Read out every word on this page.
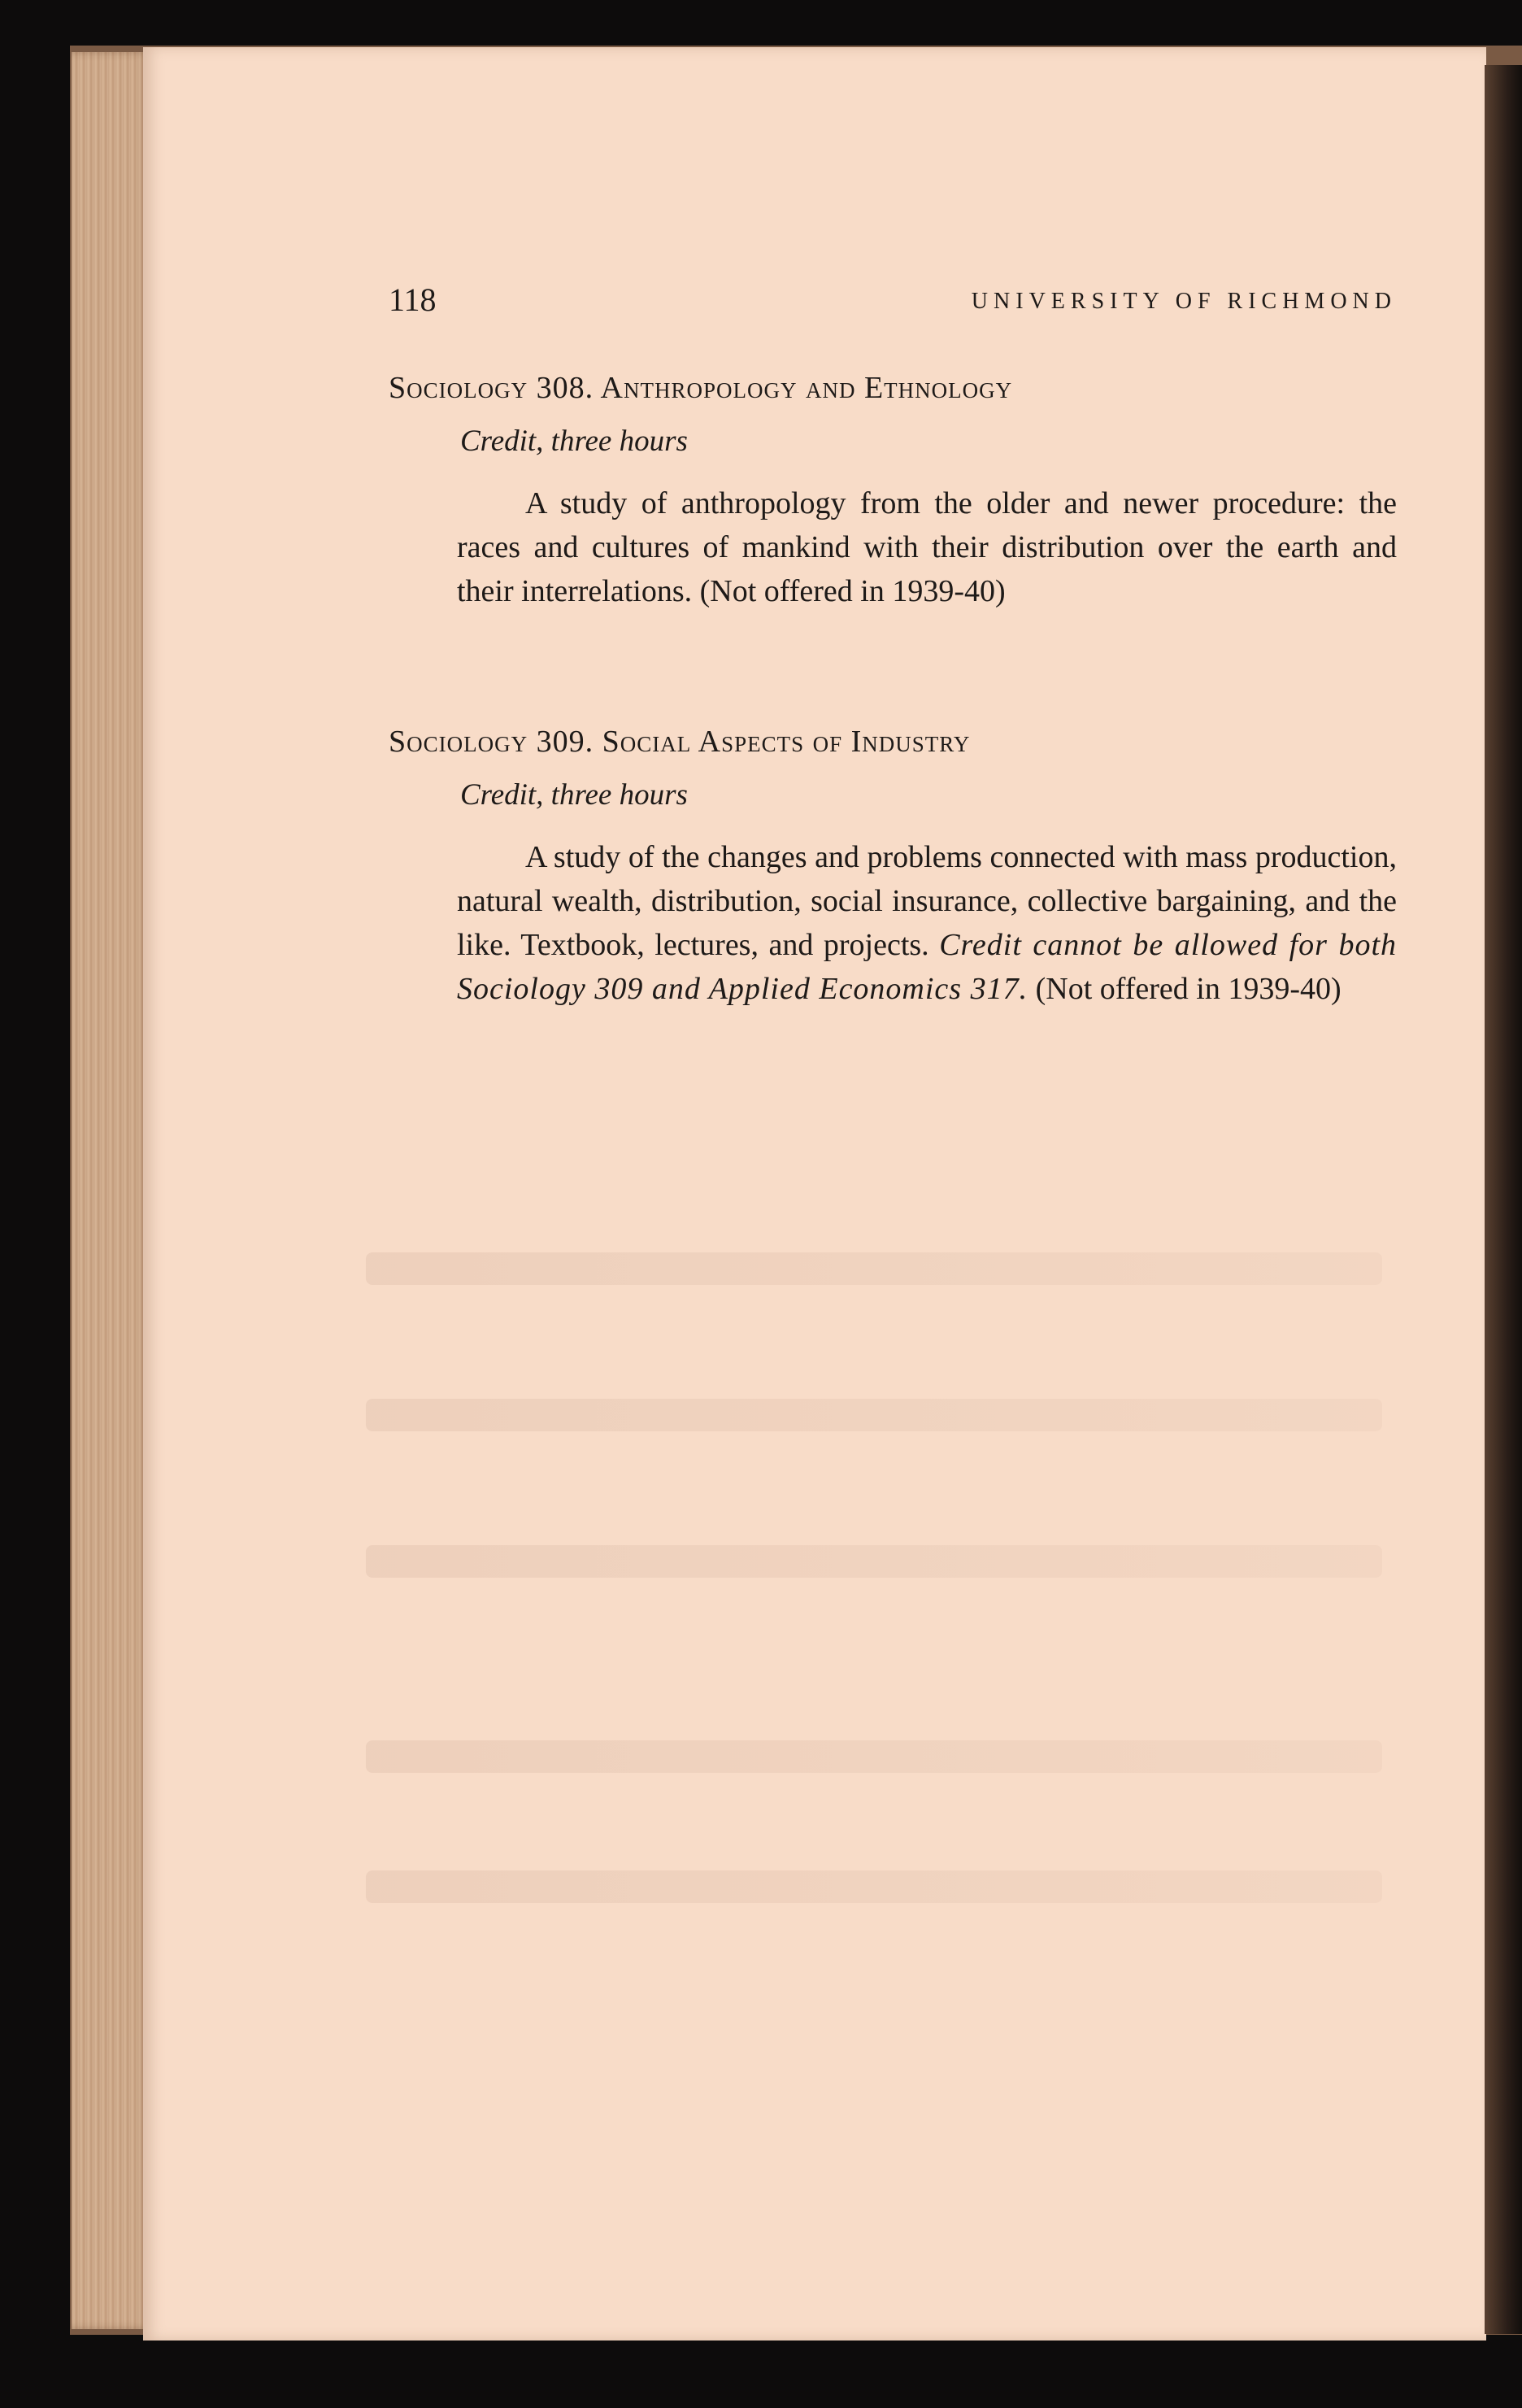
118	UNIVERSITY OF RICHMOND

Sociology 308. Anthropology and Ethnology

Credit, three hours

A study of anthropology from the older and newer procedure: the races and cultures of mankind with their distribution over the earth and their interrelations. (Not offered in 1939-40)

Sociology 309. Social Aspects of Industry

Credit, three hours

A study of the changes and problems connected with mass production, natural wealth, distribution, social insurance, collective bargaining, and the like. Textbook, lectures, and projects. Credit cannot be allowed for both Sociology 309 and Applied Economics 317. (Not offered in 1939-40)
